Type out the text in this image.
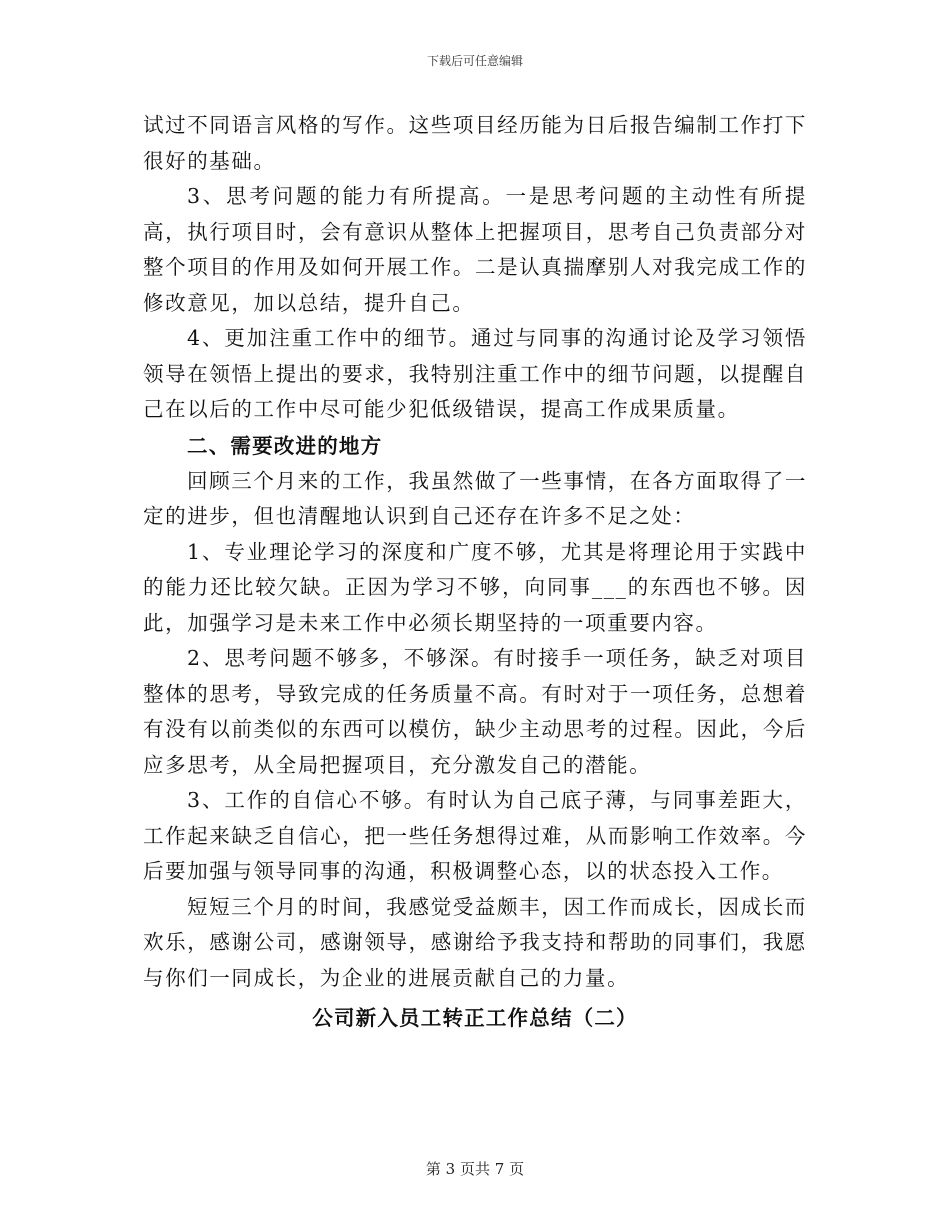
下载后可任意编辑

试过不同语言风格的写作。这些项目经历能为日后报告编制工作打下很好的基础。

3、思考问题的能力有所提高。一是思考问题的主动性有所提高，执行项目时，会有意识从整体上把握项目，思考自己负责部分对整个项目的作用及如何开展工作。二是认真揣摩别人对我完成工作的修改意见，加以总结，提升自己。

4、更加注重工作中的细节。通过与同事的沟通讨论及学习领悟领导在领悟上提出的要求，我特别注重工作中的细节问题，以提醒自己在以后的工作中尽可能少犯低级错误，提高工作成果质量。

二、需要改进的地方

回顾三个月来的工作，我虽然做了一些事情，在各方面取得了一定的进步，但也清醒地认识到自己还存在许多不足之处：

1、专业理论学习的深度和广度不够，尤其是将理论用于实践中的能力还比较欠缺。正因为学习不够，向同事___的东西也不够。因此，加强学习是未来工作中必须长期坚持的一项重要内容。

2、思考问题不够多，不够深。有时接手一项任务，缺乏对项目整体的思考，导致完成的任务质量不高。有时对于一项任务，总想着有没有以前类似的东西可以模仿，缺少主动思考的过程。因此，今后应多思考，从全局把握项目，充分激发自己的潜能。

3、工作的自信心不够。有时认为自己底子薄，与同事差距大，工作起来缺乏自信心，把一些任务想得过难，从而影响工作效率。今后要加强与领导同事的沟通，积极调整心态，以的状态投入工作。

短短三个月的时间，我感觉受益颇丰，因工作而成长，因成长而欢乐，感谢公司，感谢领导，感谢给予我支持和帮助的同事们，我愿与你们一同成长，为企业的进展贡献自己的力量。

公司新入员工转正工作总结（二）

第 3 页共 7 页
